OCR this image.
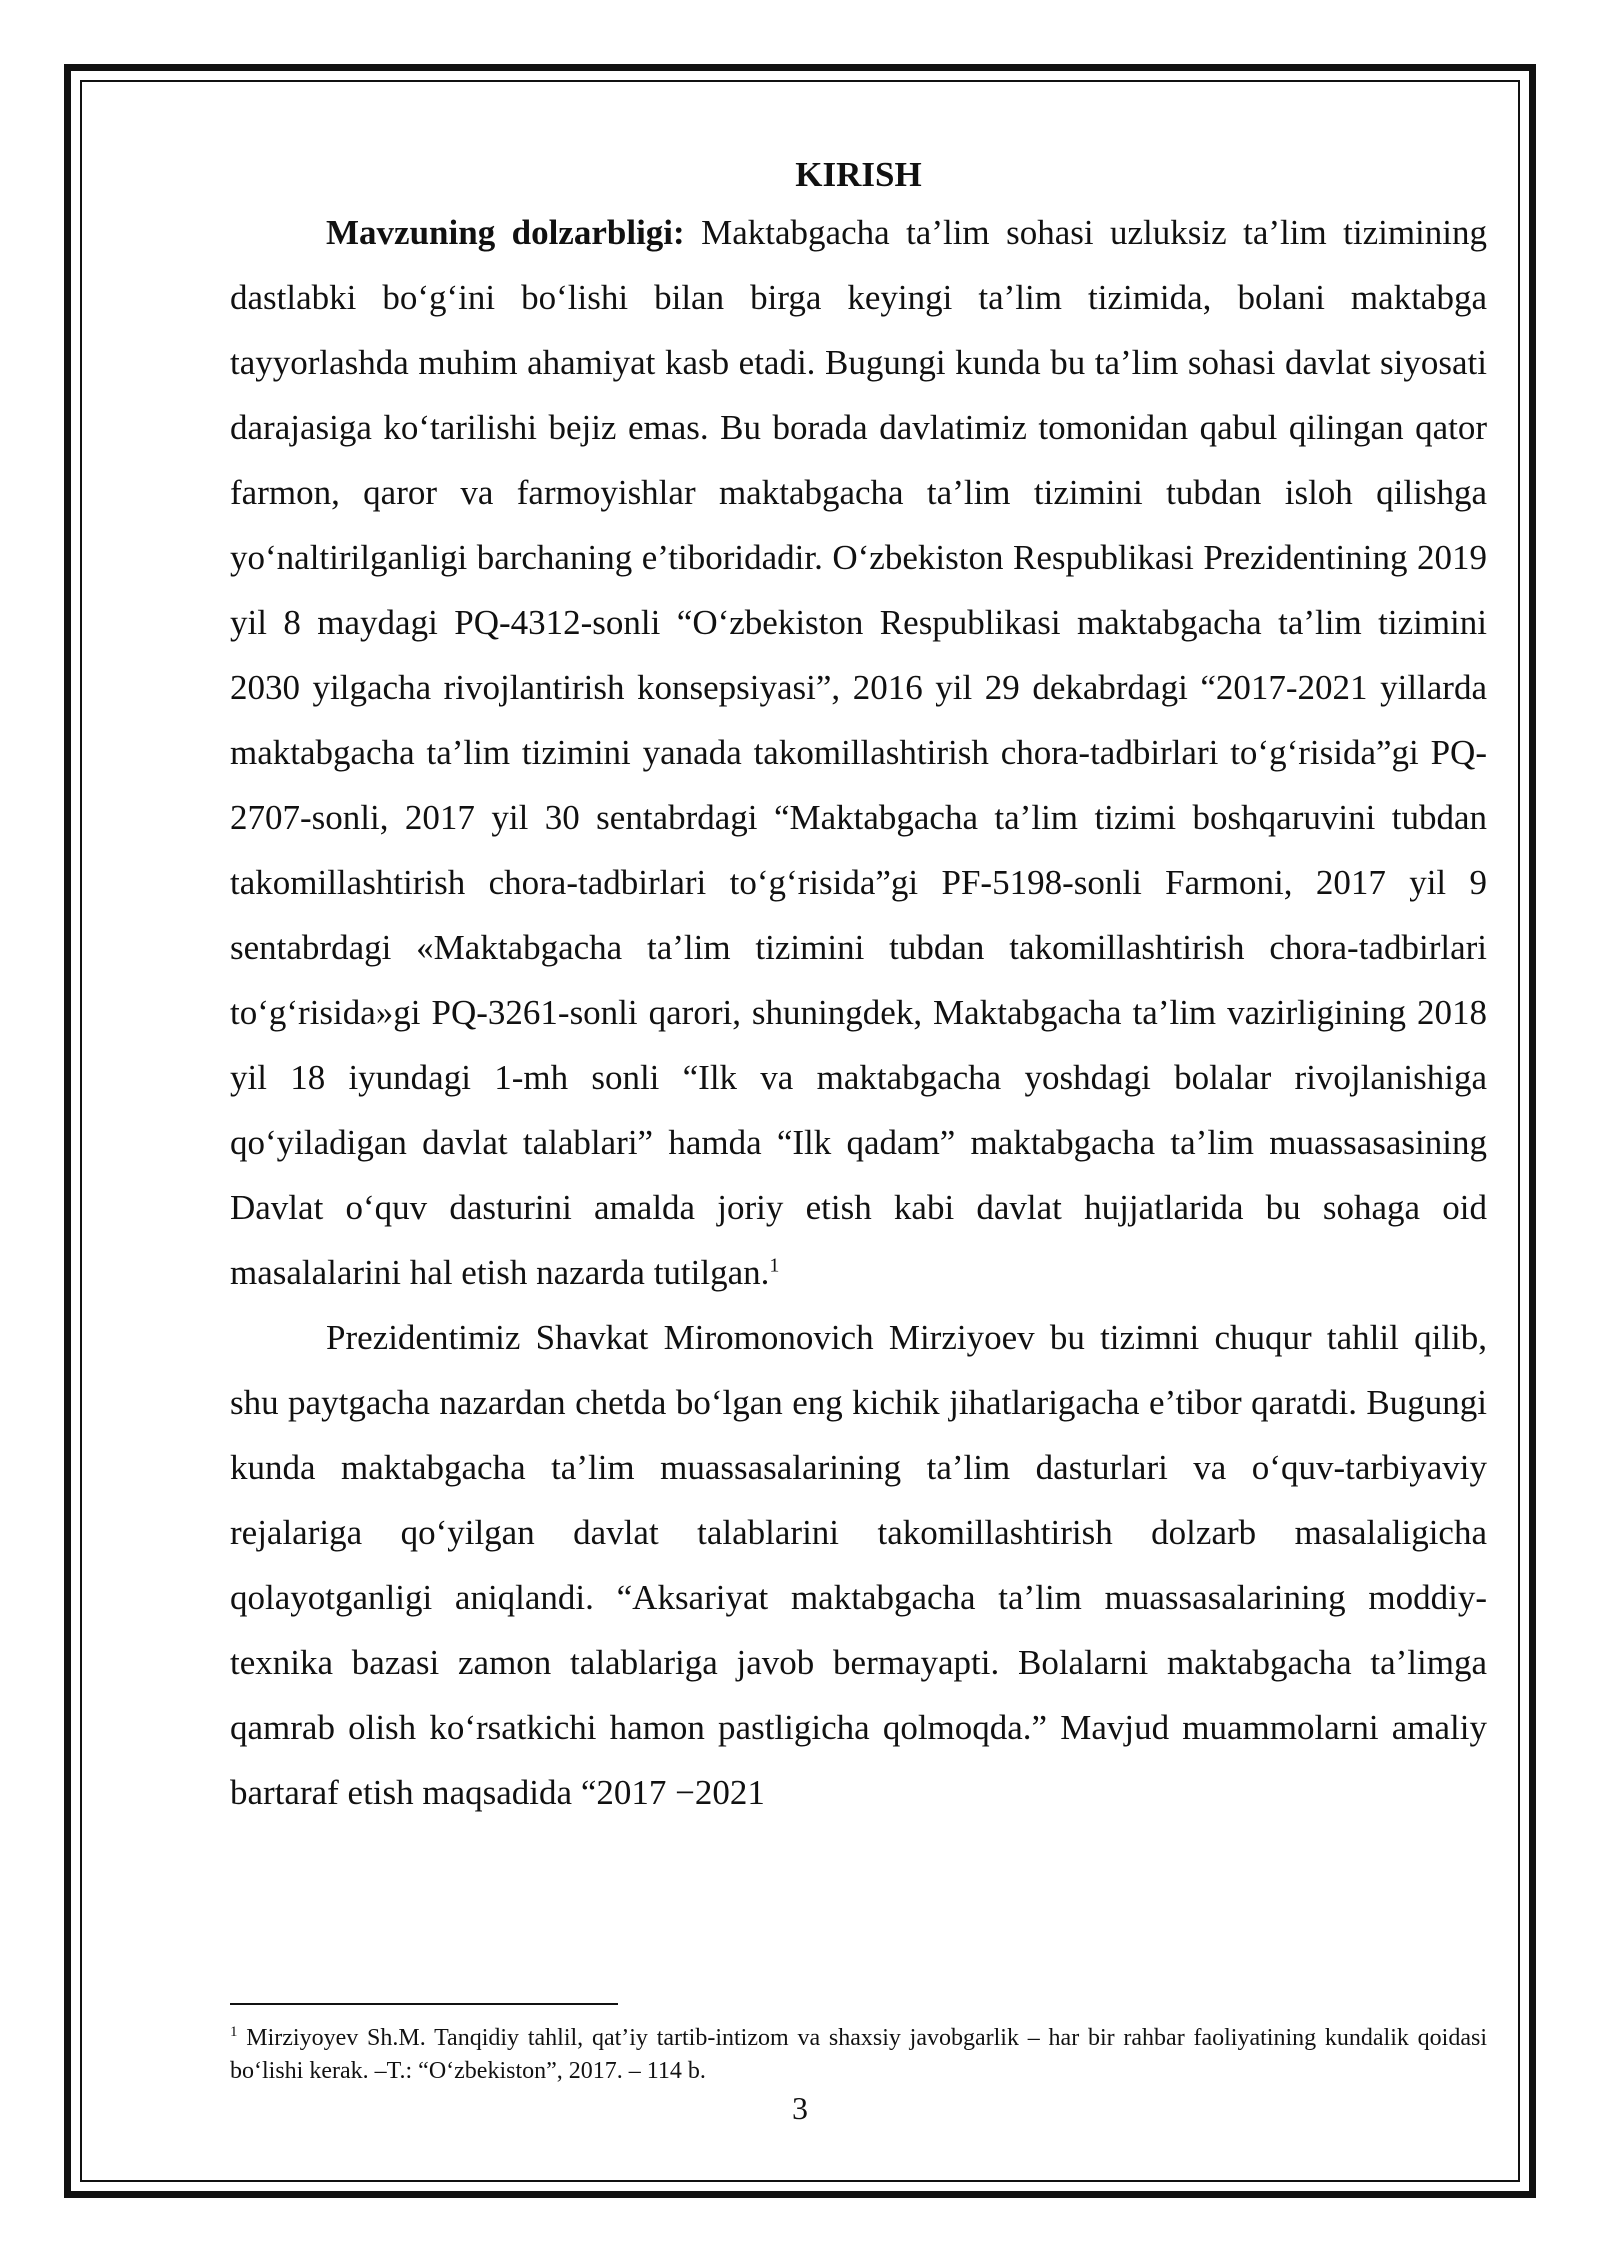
KIRISH

Mavzuning dolzarbligi: Maktabgacha ta’lim sohasi uzluksiz ta’lim tizimining dastlabki bo‘g‘ini bo‘lishi bilan birga keyingi ta’lim tizimida, bolani maktabga tayyorlashda muhim ahamiyat kasb etadi. Bugungi kunda bu ta’lim sohasi davlat siyosati darajasiga ko‘tarilishi bejiz emas. Bu borada davlatimiz tomonidan qabul qilingan qator farmon, qaror va farmoyishlar maktabgacha ta’lim tizimini tubdan isloh qilishga yo‘naltirilganligi barchaning e’tiboridadir. O‘zbekiston Respublikasi Prezidentining 2019 yil 8 maydagi PQ-4312-sonli “O‘zbekiston Respublikasi maktabgacha ta’lim tizimini 2030 yilgacha rivojlantirish konsepsiyasi”, 2016 yil 29 dekabrdagi “2017-2021 yillarda maktabgacha ta’lim tizimini yanada takomillashtirish chora-tadbirlari to‘g‘risida”gi PQ-2707-sonli, 2017 yil 30 sentabrdagi “Maktabgacha ta’lim tizimi boshqaruvini tubdan takomillashtirish chora-tadbirlari to‘g‘risida”gi PF-5198-sonli Farmoni, 2017 yil 9 sentabrdagi «Maktabgacha ta’lim tizimini tubdan takomillashtirish chora-tadbirlari to‘g‘risida»gi PQ-3261-sonli qarori, shuningdek, Maktabgacha ta’lim vazirligining 2018 yil 18 iyundagi 1-mh sonli “Ilk va maktabgacha yoshdagi bolalar rivojlanishiga qo‘yiladigan davlat talablari” hamda “Ilk qadam” maktabgacha ta’lim muassasasining Davlat o‘quv dasturini amalda joriy etish kabi davlat hujjatlarida bu sohaga oid masalalarini hal etish nazarda tutilgan.$^1$

Prezidentimiz Shavkat Miromonovich Mirziyoev bu tizimni chuqur tahlil qilib, shu paytgacha nazardan chetda bo‘lgan eng kichik jihatlarigacha e’tibor qaratdi. Bugungi kunda maktabgacha ta’lim muassasalarining ta’lim dasturlari va o‘quv-tarbiyaviy rejalariga qo‘yilgan davlat talablarini takomillashtirish dolzarb masalaligicha qolayotganligi aniqlandi. “Aksariyat maktabgacha ta’lim muassasalarining moddiy- texnika bazasi zamon talablariga javob bermayapti. Bolalarni maktabgacha ta’limga qamrab olish ko‘rsatkichi hamon pastligicha qolmoqda.” Mavjud muammolarni amaliy bartaraf etish maqsadida “2017 −2021

$^1$ Mirziyoyev Sh.M. Tanqidiy tahlil, qat’iy tartib-intizom va shaxsiy javobgarlik – har bir rahbar faoliyatining kundalik qoidasi bo‘lishi kerak. –T.: “O‘zbekiston”, 2017. – 114 b.

3
